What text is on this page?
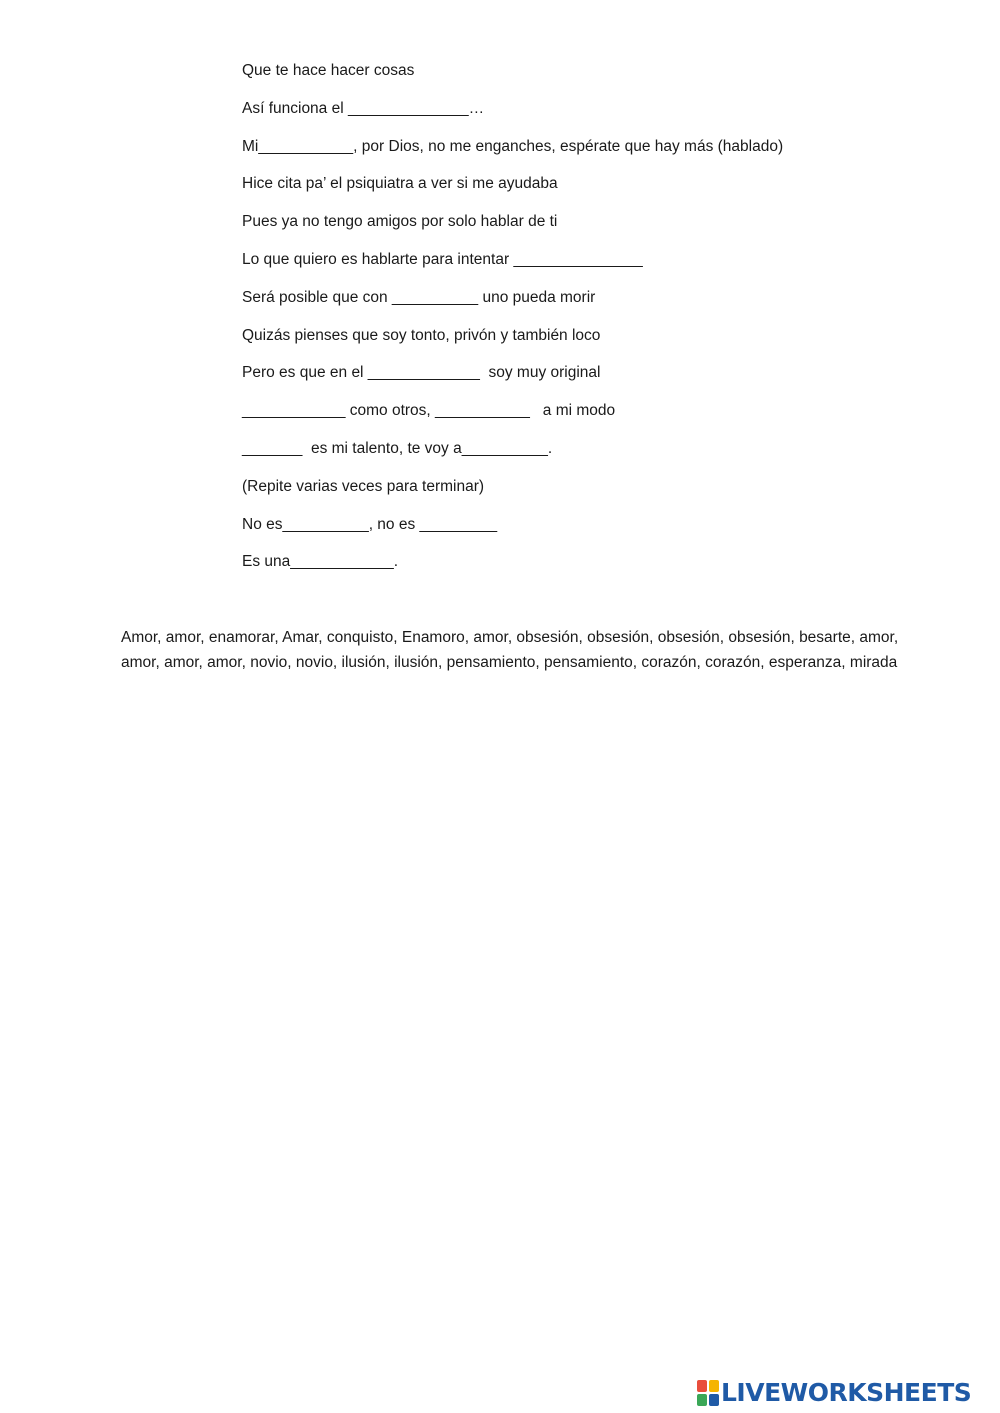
Que te hace hacer cosas
Así funciona el ______________…
Mi___________, por Dios, no me enganches, espérate que hay más (hablado)
Hice cita pa’ el psiquiatra a ver si me ayudaba
Pues ya no tengo amigos por solo hablar de ti
Lo que quiero es hablarte para intentar _______________
Será posible que con __________ uno pueda morir
Quizás pienses que soy tonto, privón y también loco
Pero es que en el _____________  soy muy original
____________ como otros, ___________   a mi modo
_______  es mi talento, te voy a__________.
(Repite varias veces para terminar)
No es__________, no es _________
Es una____________.

Amor, amor, enamorar, Amar, conquisto, Enamoro, amor, obsesión, obsesión, obsesión, obsesión, besarte, amor, amor, amor, amor, novio, novio, ilusión, ilusión, pensamiento, pensamiento, corazón, corazón, esperanza, mirada

LIVEWORKSHEETS
